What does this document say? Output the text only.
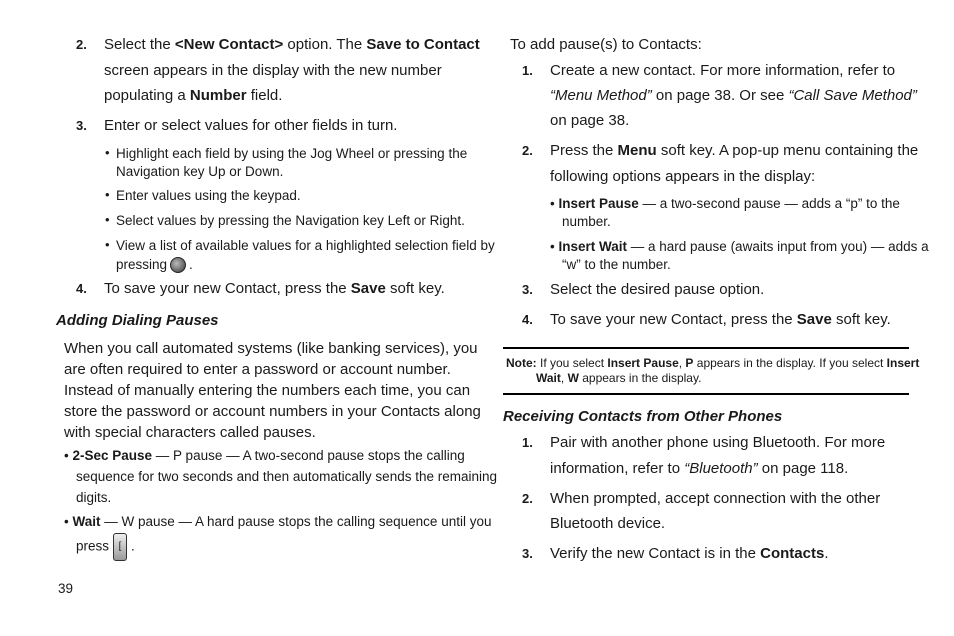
2. Select the <New Contact> option. The Save to Contact
screen appears in the display with the new number
populating a Number field.
3. Enter or select values for other fields in turn.
• Highlight each field by using the Jog Wheel or pressing the
Navigation key Up or Down.
• Enter values using the keypad.
• Select values by pressing the Navigation key Left or Right.
• View a list of available values for a highlighted selection field by
pressing .
4. To save your new Contact, press the Save soft key.
Adding Dialing Pauses
When you call automated systems (like banking services), you
are often required to enter a password or account number.
Instead of manually entering the numbers each time, you can
store the password or account numbers in your Contacts along
with special characters called pauses.
• 2-Sec Pause — P pause — A two-second pause stops the calling
sequence for two seconds and then automatically sends the remaining
digits.
• Wait — W pause — A hard pause stops the calling sequence until you
press [ .
39
To add pause(s) to Contacts:
1. Create a new contact. For more information, refer to
“Menu Method” on page 38. Or see “Call Save Method”
on page 38.
2. Press the Menu soft key. A pop-up menu containing the
following options appears in the display:
• Insert Pause — a two-second pause — adds a “p” to the
number.
• Insert Wait — a hard pause (awaits input from you) — adds a
“w” to the number.
3. Select the desired pause option.
4. To save your new Contact, press the Save soft key.
Note: If you select Insert Pause, P appears in the display. If you select Insert
Wait, W appears in the display.
Receiving Contacts from Other Phones
1. Pair with another phone using Bluetooth. For more
information, refer to “Bluetooth” on page 118.
2. When prompted, accept connection with the other
Bluetooth device.
3. Verify the new Contact is in the Contacts.
